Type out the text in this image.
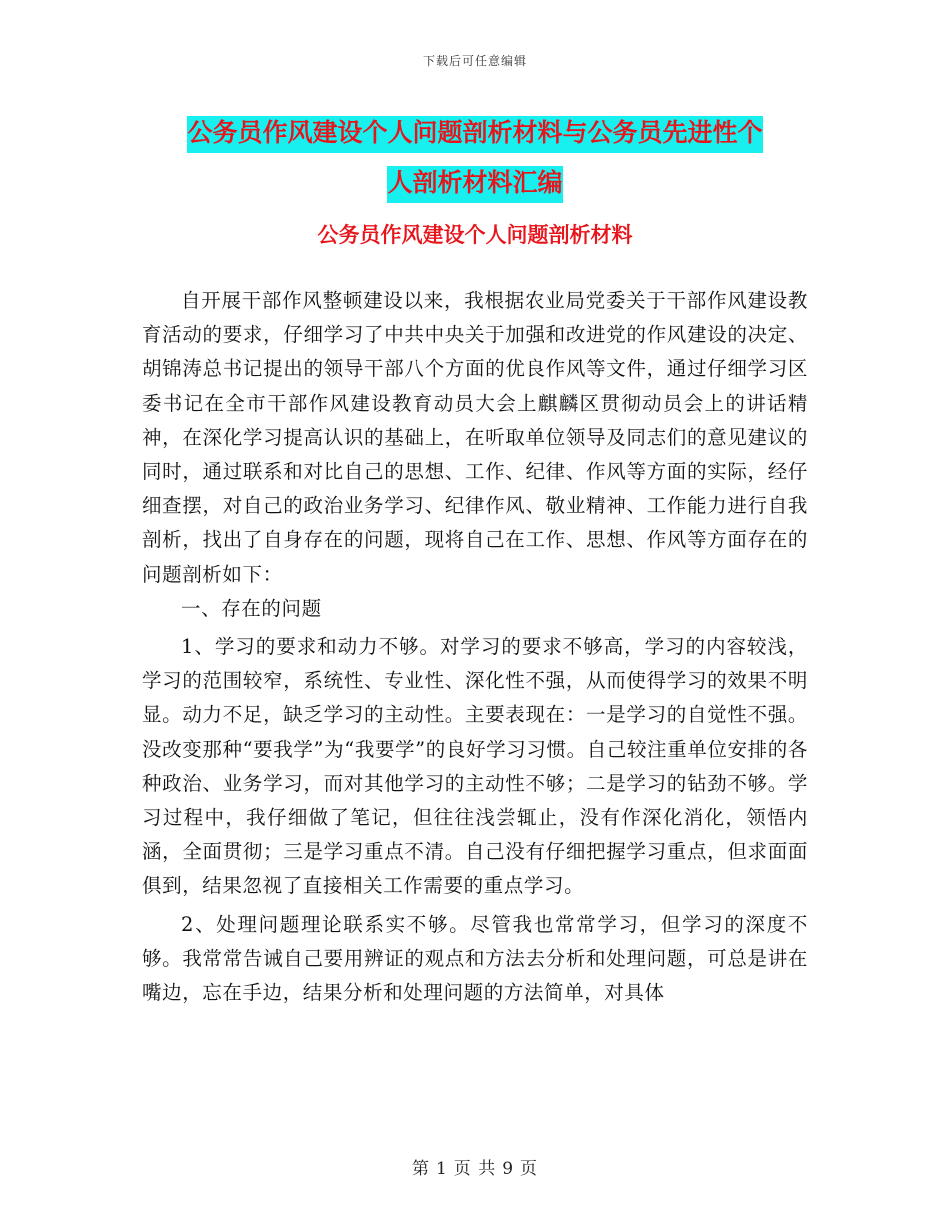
下载后可任意编辑
公务员作风建设个人问题剖析材料与公务员先进性个
人剖析材料汇编
公务员作风建设个人问题剖析材料

自开展干部作风整顿建设以来，我根据农业局党委关于干部作风建设教育活动的要求，仔细学习了中共中央关于加强和改进党的作风建设的决定、胡锦涛总书记提出的领导干部八个方面的优良作风等文件，通过仔细学习区委书记在全市干部作风建设教育动员大会上麒麟区贯彻动员会上的讲话精神，在深化学习提高认识的基础上，在听取单位领导及同志们的意见建议的同时，通过联系和对比自己的思想、工作、纪律、作风等方面的实际，经仔细查摆，对自己的政治业务学习、纪律作风、敬业精神、工作能力进行自我剖析，找出了自身存在的问题，现将自己在工作、思想、作风等方面存在的问题剖析如下：

一、存在的问题

1、学习的要求和动力不够。对学习的要求不够高，学习的内容较浅，学习的范围较窄，系统性、专业性、深化性不强，从而使得学习的效果不明显。动力不足，缺乏学习的主动性。主要表现在：一是学习的自觉性不强。没改变那种“要我学”为“我要学”的良好学习习惯。自己较注重单位安排的各种政治、业务学习，而对其他学习的主动性不够；二是学习的钻劲不够。学习过程中，我仔细做了笔记，但往往浅尝辄止，没有作深化消化，领悟内涵，全面贯彻；三是学习重点不清。自己没有仔细把握学习重点，但求面面俱到，结果忽视了直接相关工作需要的重点学习。

2、处理问题理论联系实不够。尽管我也常常学习，但学习的深度不够。我常常告诫自己要用辨证的观点和方法去分析和处理问题，可总是讲在嘴边，忘在手边，结果分析和处理问题的方法简单，对具体

第 1 页 共 9 页
